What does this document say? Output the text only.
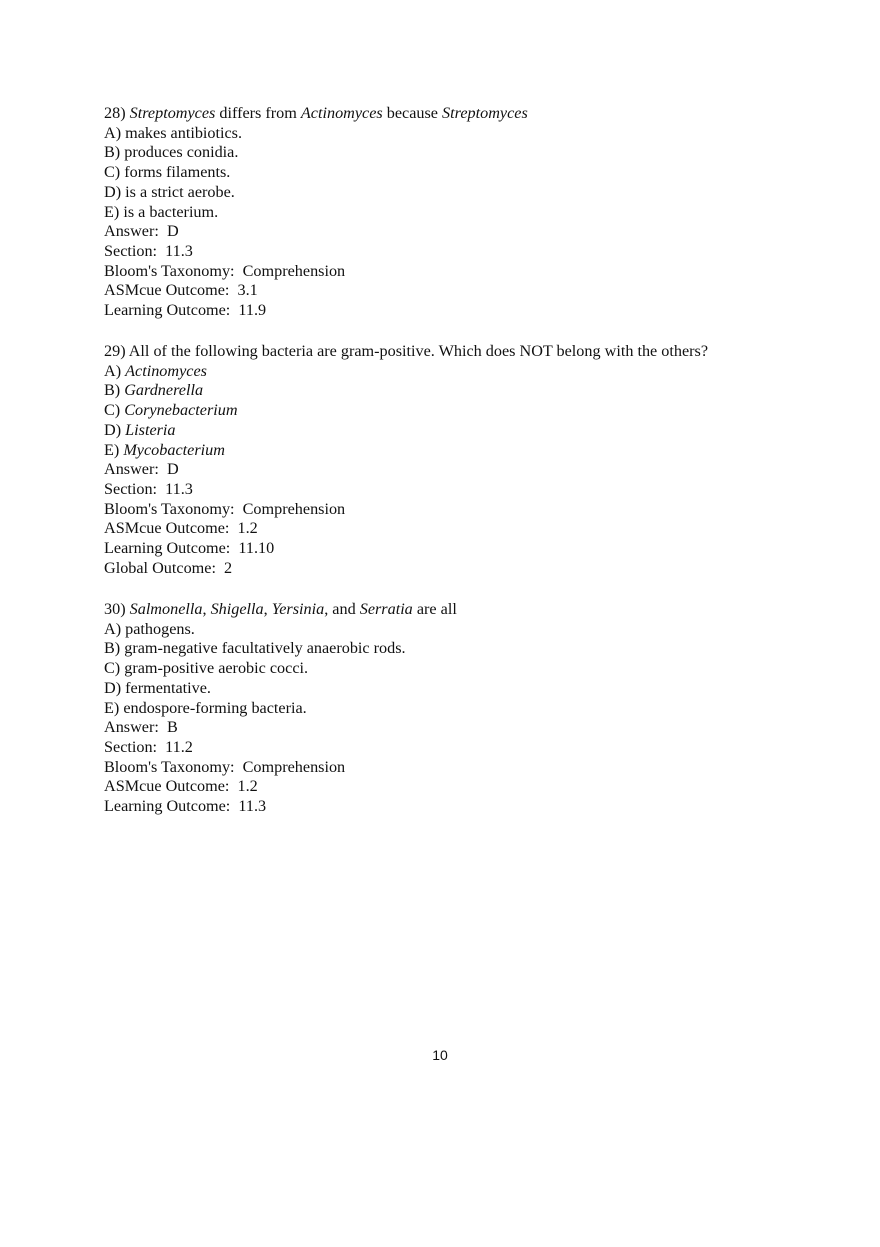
28) Streptomyces differs from Actinomyces because Streptomyces
A) makes antibiotics.
B) produces conidia.
C) forms filaments.
D) is a strict aerobe.
E) is a bacterium.
Answer:  D
Section:  11.3
Bloom's Taxonomy:  Comprehension
ASMcue Outcome:  3.1
Learning Outcome:  11.9
29) All of the following bacteria are gram-positive. Which does NOT belong with the others?
A) Actinomyces
B) Gardnerella
C) Corynebacterium
D) Listeria
E) Mycobacterium
Answer:  D
Section:  11.3
Bloom's Taxonomy:  Comprehension
ASMcue Outcome:  1.2
Learning Outcome:  11.10
Global Outcome:  2
30) Salmonella, Shigella, Yersinia, and Serratia are all
A) pathogens.
B) gram-negative facultatively anaerobic rods.
C) gram-positive aerobic cocci.
D) fermentative.
E) endospore-forming bacteria.
Answer:  B
Section:  11.2
Bloom's Taxonomy:  Comprehension
ASMcue Outcome:  1.2
Learning Outcome:  11.3
10
